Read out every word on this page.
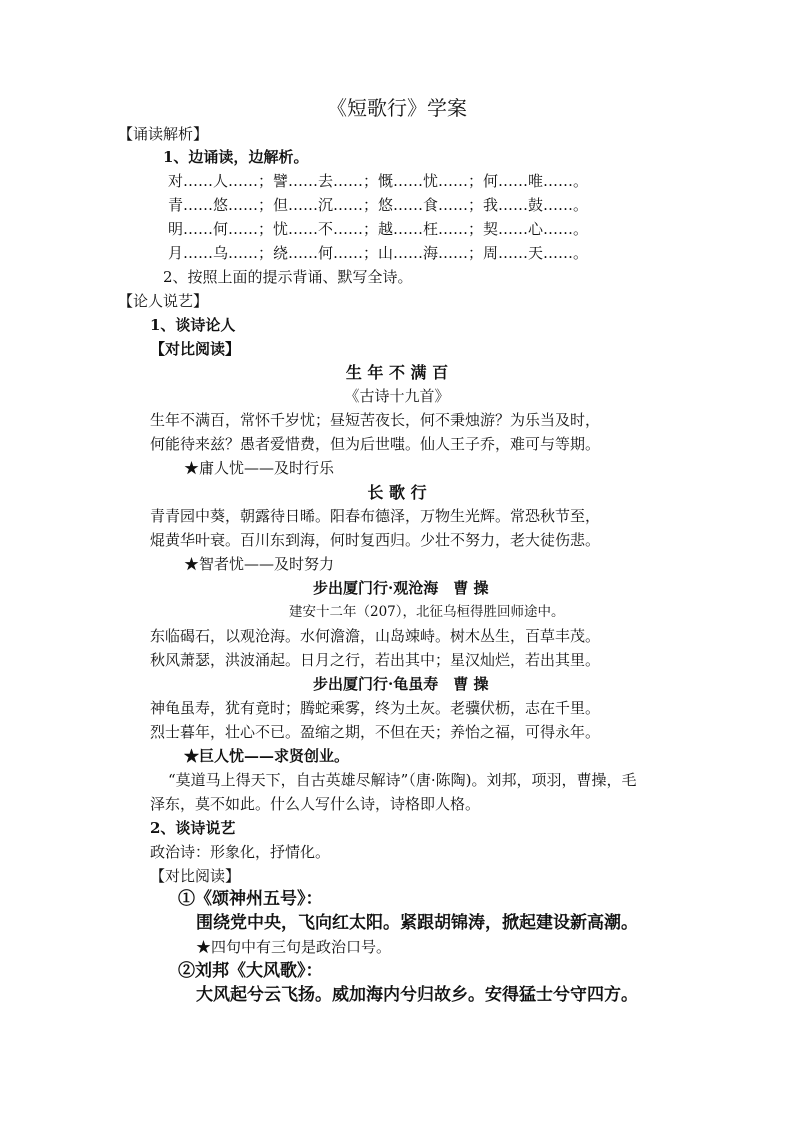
《短歌行》学案
【诵读解析】
1、边诵读，边解析。
对……人……；譬……去……；慨……忧……；何……唯……。
青……悠……；但……沉……；悠……食……；我……鼓……。
明……何……；忧……不……；越……枉……；契……心……。
月……乌……；绕……何……；山……海……；周……天……。
2、按照上面的提示背诵、默写全诗。
【论人说艺】
1、谈诗论人
【对比阅读】
生 年 不 满 百
《古诗十九首》
生年不满百，常怀千岁忧；昼短苦夜长，何不秉烛游？为乐当及时，
何能待来兹？愚者爱惜费，但为后世嗤。仙人王子乔，难可与等期。
★庸人忧——及时行乐
长 歌 行
青青园中葵，朝露待日晞。阳春布德泽，万物生光辉。常恐秋节至，
焜黄华叶衰。百川东到海，何时复西归。少壮不努力，老大徒伤悲。
★智者忧——及时努力
步出厦门行·观沧海　曹 操
建安十二年（207），北征乌桓得胜回师途中。
东临碣石，以观沧海。水何澹澹，山岛竦峙。树木丛生，百草丰茂。
秋风萧瑟，洪波涌起。日月之行，若出其中；星汉灿烂，若出其里。
步出厦门行·龟虽寿　曹 操
神龟虽寿，犹有竟时；腾蛇乘雾，终为土灰。老骥伏枥，志在千里。
烈士暮年，壮心不已。盈缩之期，不但在天；养怡之福，可得永年。
★巨人忧——求贤创业。
“莫道马上得天下，自古英雄尽解诗”（唐·陈陶)。刘邦，项羽，曹操，毛
泽东，莫不如此。什么人写什么诗，诗格即人格。
2、谈诗说艺
政治诗：形象化，抒情化。
【对比阅读】
①《颂神州五号》：
围绕党中央，飞向红太阳。紧跟胡锦涛，掀起建设新高潮。
★四句中有三句是政治口号。
②刘邦《大风歌》：
大风起兮云飞扬。威加海内兮归故乡。安得猛士兮守四方。
